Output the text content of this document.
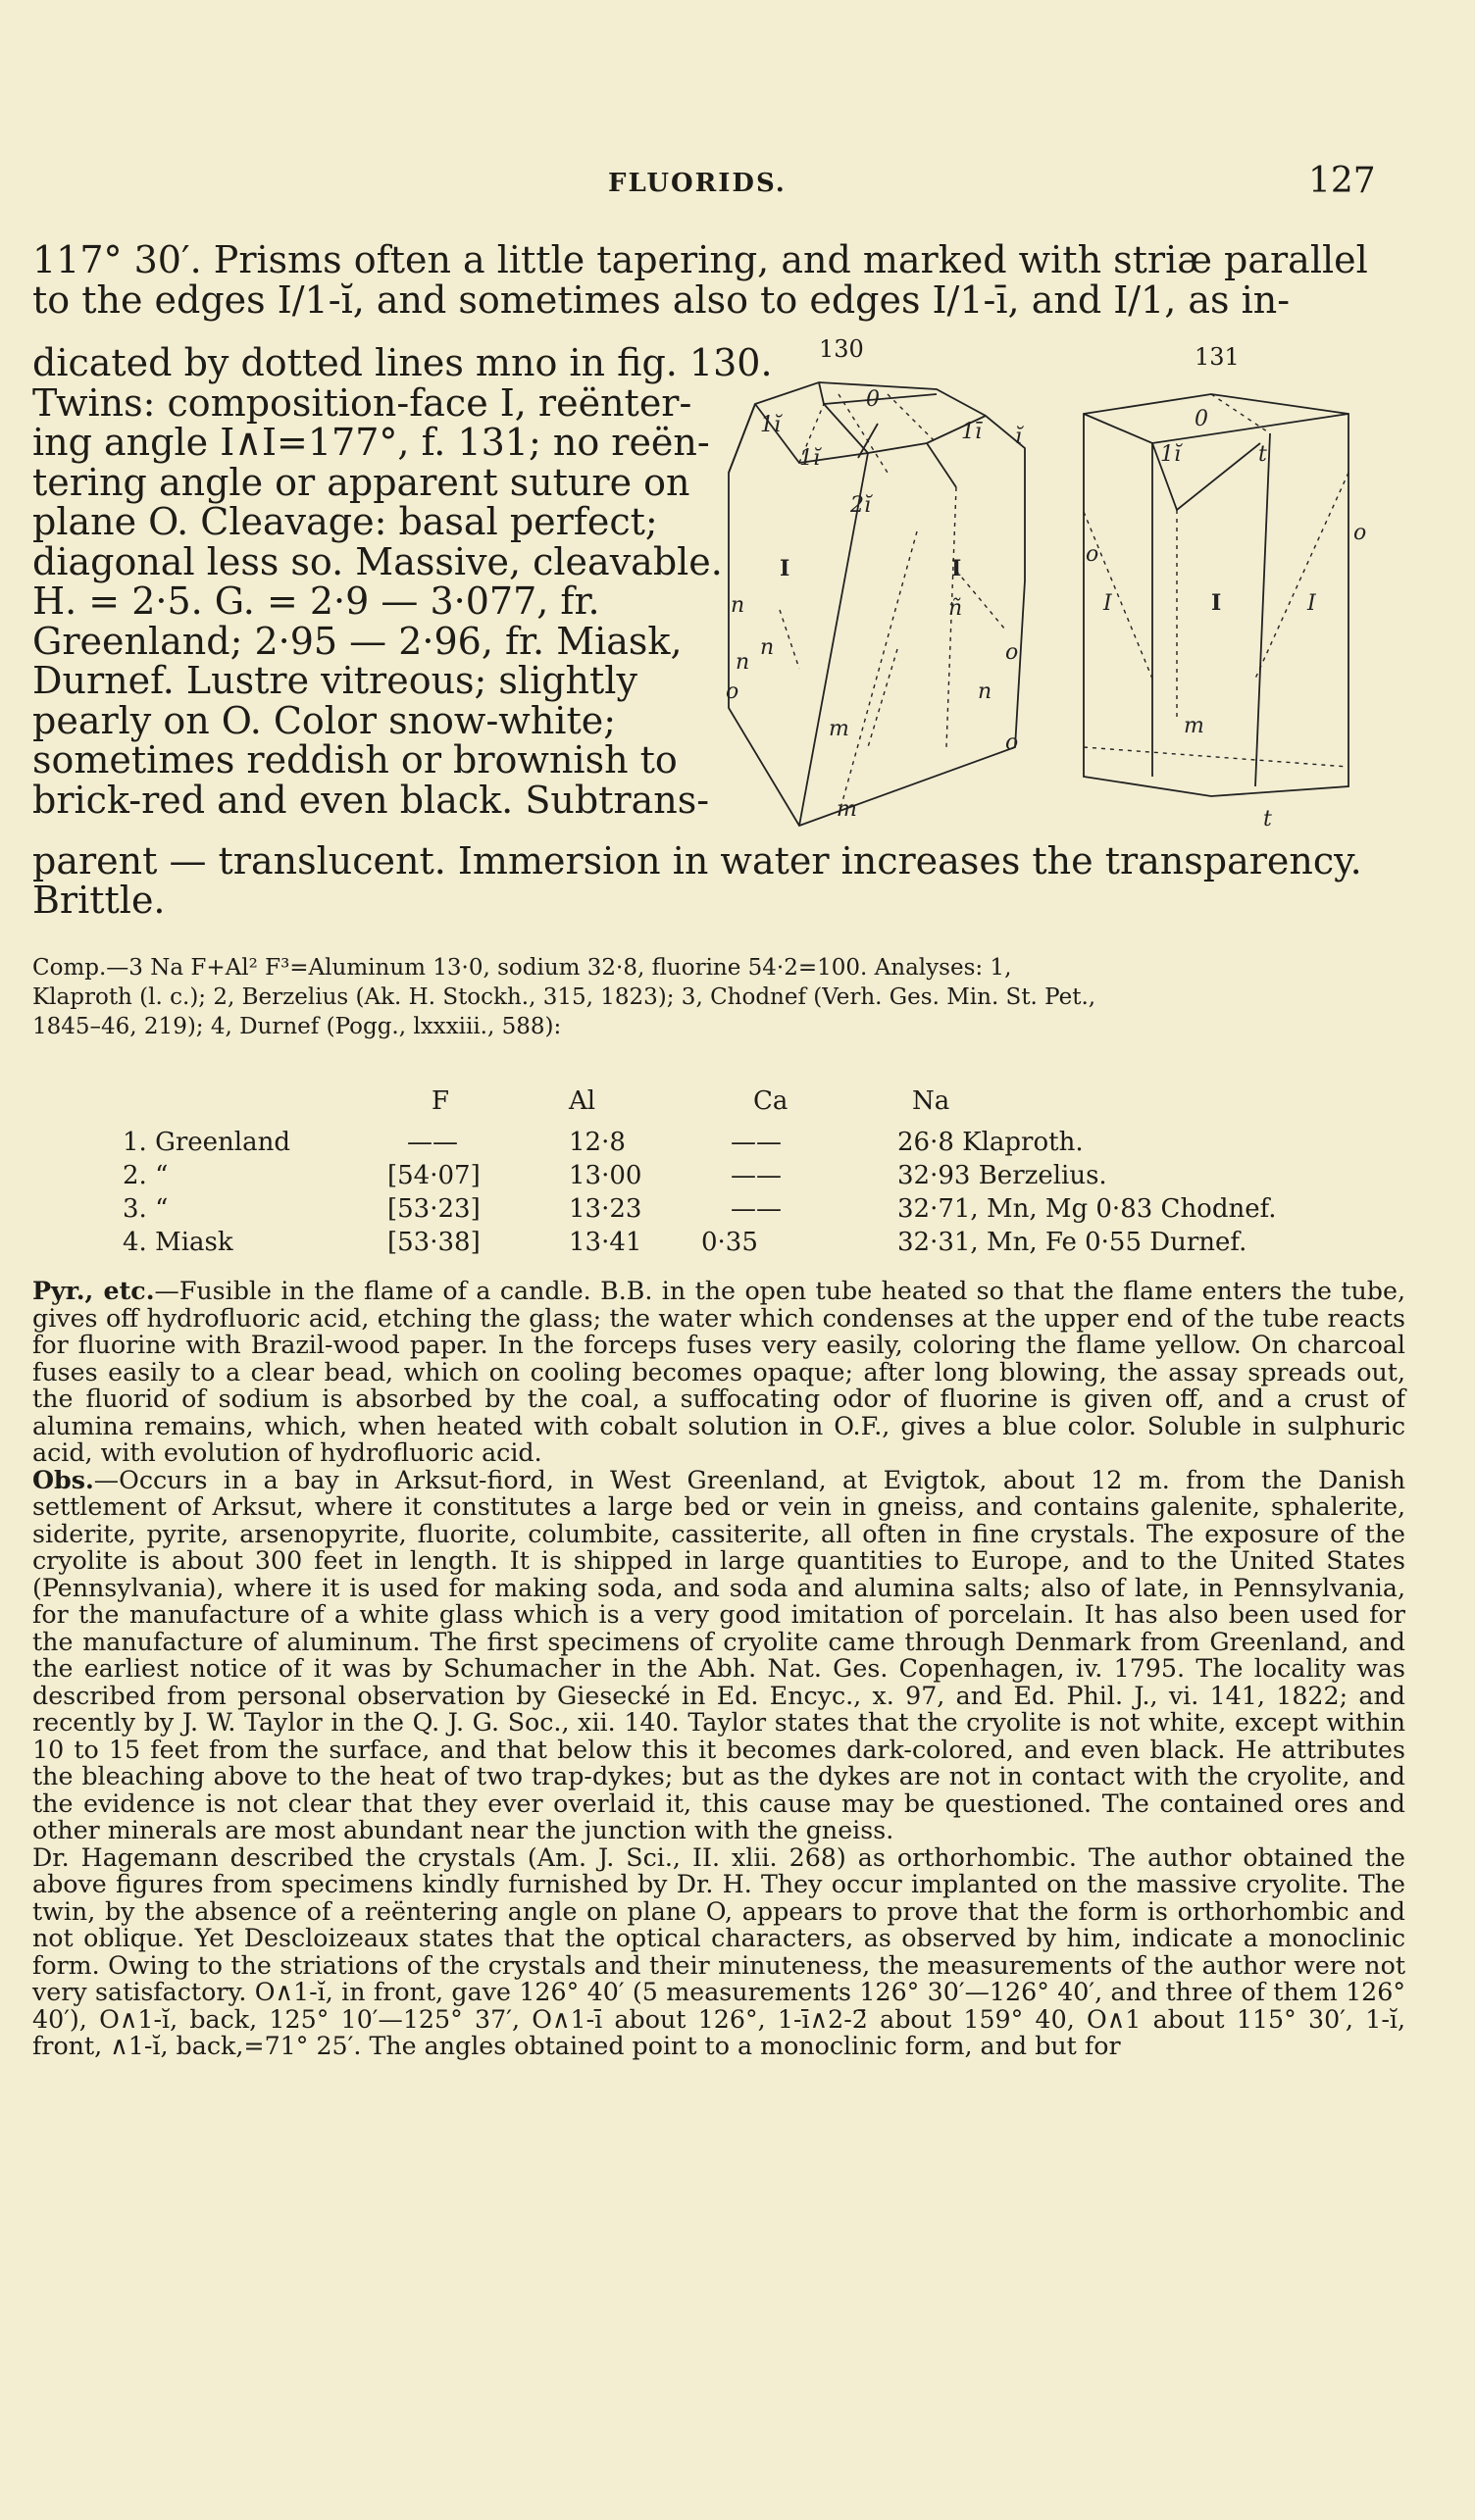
FLUORIDS.	127
117° 30′. Prisms often a little tapering, and marked with striæ parallel
to the edges I/1-ĭ, and sometimes also to edges I/1-ī, and I/1, as in-
dicated by dotted lines mno in fig. 130.
Twins: composition-face I, reënter-
ing angle I∧I=177°, f. 131; no reën-
tering angle or apparent suture on
plane O. Cleavage: basal perfect;
diagonal less so. Massive, cleavable.
H. = 2·5. G. = 2·9 — 3·077, fr.
Greenland; 2·95 — 2·96, fr. Miask,
Durnef. Lustre vitreous; slightly
pearly on O. Color snow-white;
sometimes reddish or brownish to
brick-red and even black. Subtrans-
130	131
0
1ĭ
1ī
1ĭ
2ĭ
I	I
ĭ
n	ñ
n	o
n
o
m
m
o
n
0
1ĭ	t
o
o
I	I	I
m
t
parent — translucent. Immersion in water increases the transparency.
Brittle.
Comp.—3 Na F+Al² F³=Aluminum 13·0, sodium 32·8, fluorine 54·2=100. Analyses: 1,
Klaproth (l. c.); 2, Berzelius (Ak. H. Stockh., 315, 1823); 3, Chodnef (Verh. Ges. Min. St. Pet.,
1845–46, 219); 4, Durnef (Pogg., lxxxiii., 588):
F	Al	Ca	Na
1. Greenland	——	12·8	——	26·8 Klaproth.
2. “	[54·07]	13·00	——	32·93 Berzelius.
3. “	[53·23]	13·23	——	32·71, Mn, Mg 0·83 Chodnef.
4. Miask	[53·38]	13·41 0·35	32·31, Mn, Fe 0·55 Durnef.

Pyr., etc.—Fusible in the flame of a candle. B.B. in the open tube heated so that the flame enters the tube, gives off hydrofluoric acid, etching the glass; the water which condenses at the upper end of the tube reacts for fluorine with Brazil-wood paper. In the forceps fuses very easily, coloring the flame yellow. On charcoal fuses easily to a clear bead, which on cooling becomes opaque; after long blowing, the assay spreads out, the fluorid of sodium is absorbed by the coal, a suffocating odor of fluorine is given off, and a crust of alumina remains, which, when heated with cobalt solution in O.F., gives a blue color. Soluble in sulphuric acid, with evolution of hydrofluoric acid.

Obs.—Occurs in a bay in Arksut-fiord, in West Greenland, at Evigtok, about 12 m. from the Danish settlement of Arksut, where it constitutes a large bed or vein in gneiss, and contains galenite, sphalerite, siderite, pyrite, arsenopyrite, fluorite, columbite, cassiterite, all often in fine crystals. The exposure of the cryolite is about 300 feet in length. It is shipped in large quantities to Europe, and to the United States (Pennsylvania), where it is used for making soda, and soda and alumina salts; also of late, in Pennsylvania, for the manufacture of a white glass which is a very good imitation of porcelain. It has also been used for the manufacture of aluminum. The first specimens of cryolite came through Denmark from Greenland, and the earliest notice of it was by Schumacher in the Abh. Nat. Ges. Copenhagen, iv. 1795. The locality was described from personal observation by Giesecké in Ed. Encyc., x. 97, and Ed. Phil. J., vi. 141, 1822; and recently by J. W. Taylor in the Q. J. G. Soc., xii. 140. Taylor states that the cryolite is not white, except within 10 to 15 feet from the surface, and that below this it becomes dark-colored, and even black. He attributes the bleaching above to the heat of two trap-dykes; but as the dykes are not in contact with the cryolite, and the evidence is not clear that they ever overlaid it, this cause may be questioned. The contained ores and other minerals are most abundant near the junction with the gneiss.

Dr. Hagemann described the crystals (Am. J. Sci., II. xlii. 268) as orthorhombic. The author obtained the above figures from specimens kindly furnished by Dr. H. They occur implanted on the massive cryolite. The twin, by the absence of a reëntering angle on plane O, appears to prove that the form is orthorhombic and not oblique. Yet Descloizeaux states that the optical characters, as observed by him, indicate a monoclinic form. Owing to the striations of the crystals and their minuteness, the measurements of the author were not very satisfactory. O∧1-ĭ, in front, gave 126° 40′ (5 measurements 126° 30′—126° 40′, and three of them 126° 40′), O∧1-ĭ, back, 125° 10′—125° 37′, O∧1-ī about 126°, 1-ī∧2-2̄ about 159° 40, O∧1 about 115° 30′, 1-ĭ, front, ∧1-ĭ, back,=71° 25′. The angles obtained point to a monoclinic form, and but for
